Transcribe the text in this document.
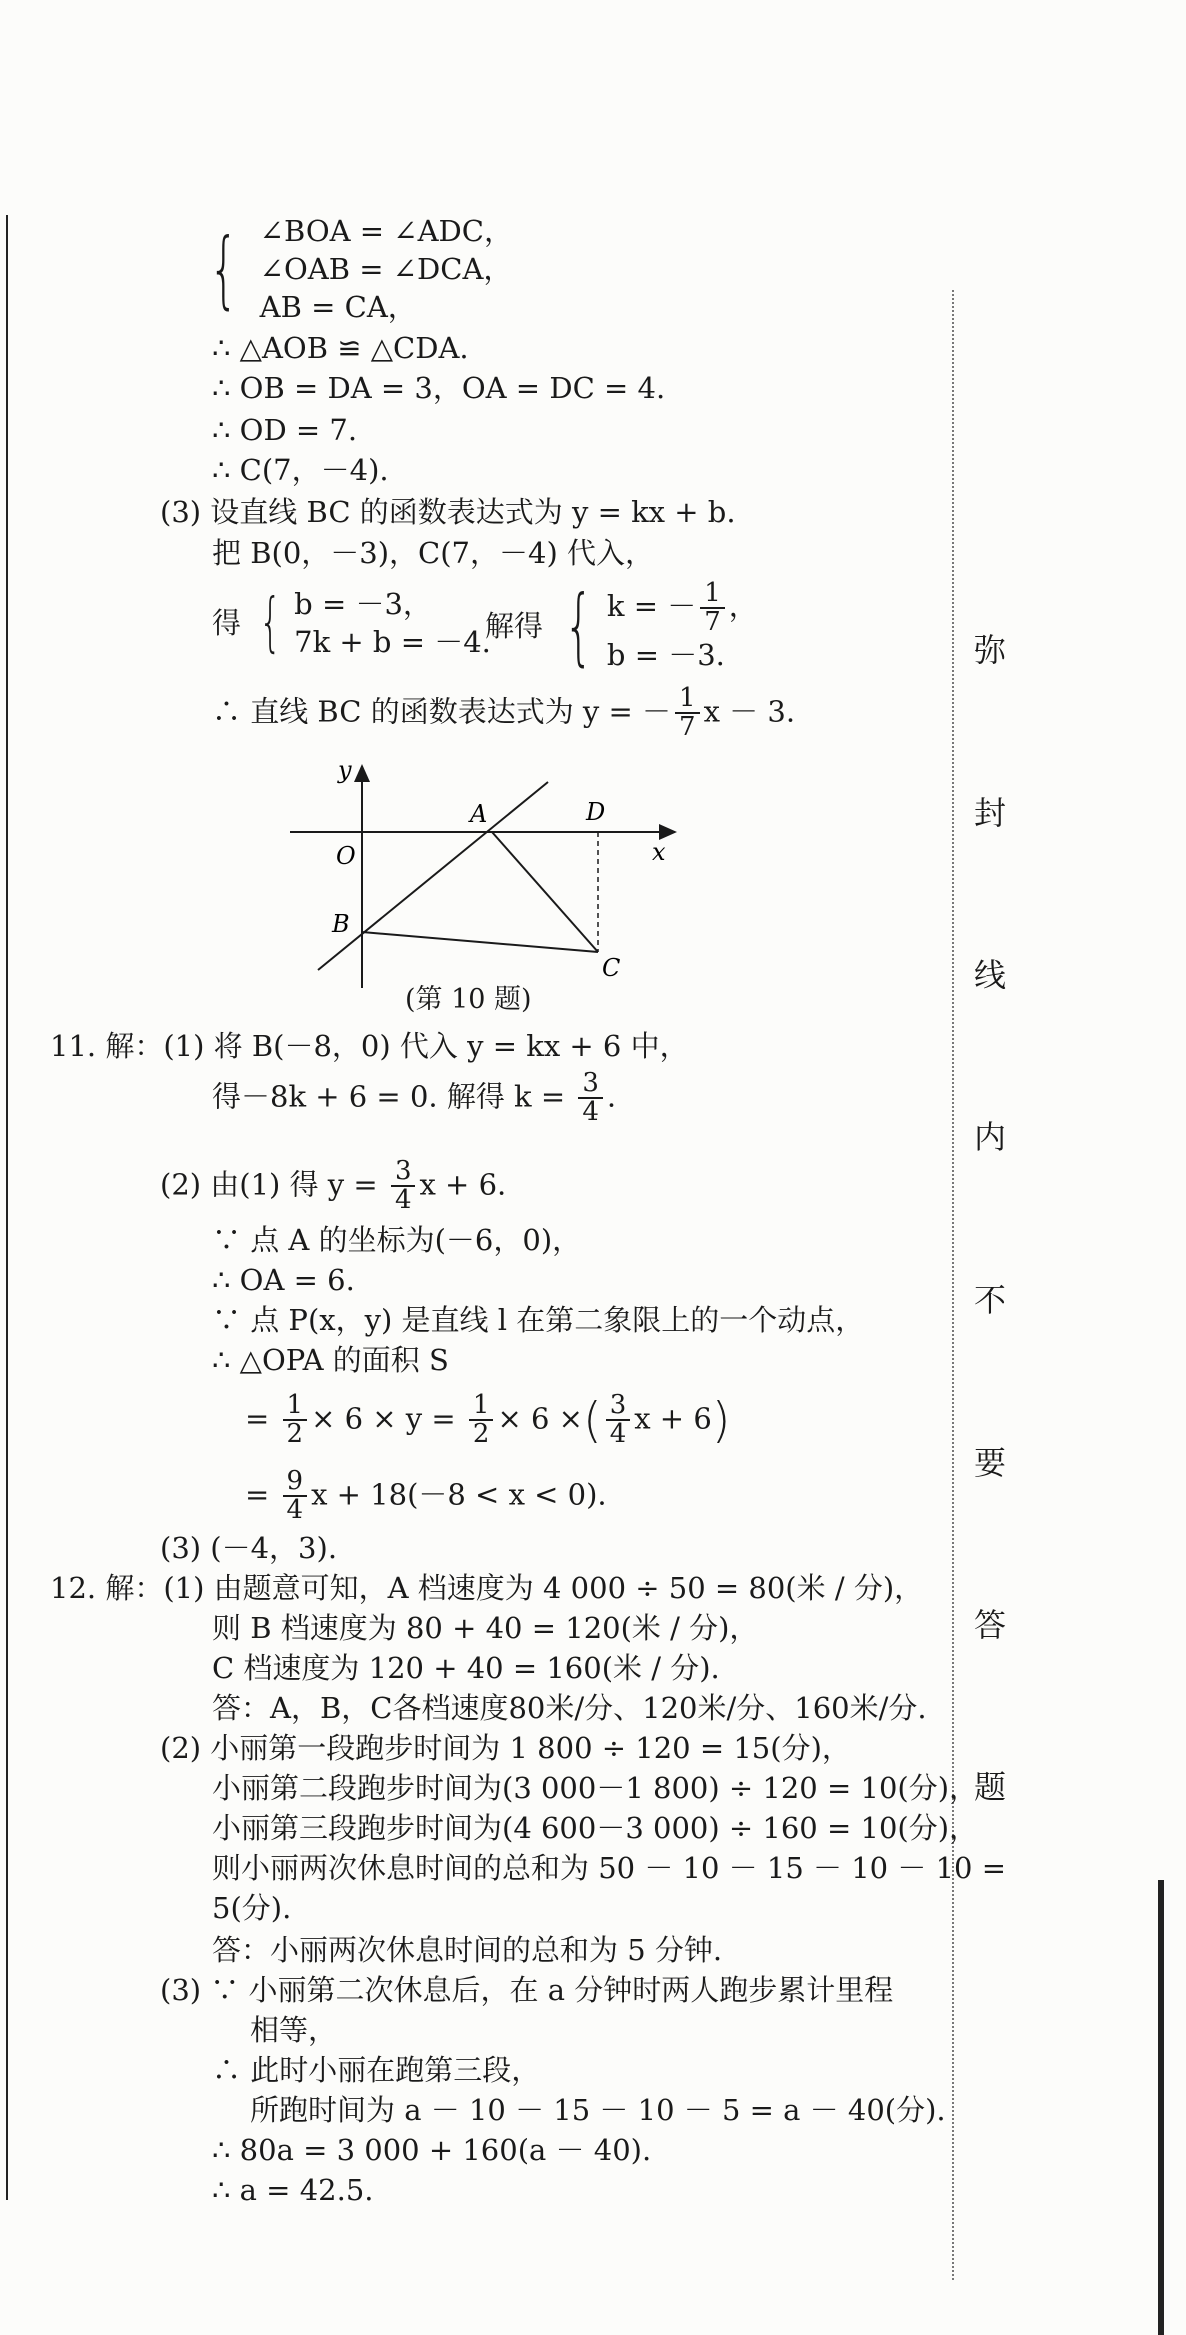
弥
封
线
内
不
要
答
题
{ ∠BOA = ∠ADC，
∠OAB = ∠DCA，
AB = CA，
∴ △AOB ≌ △CDA.
∴ OB = DA = 3，OA = DC = 4.
∴ OD = 7.
∴ C(7，－4).
(3) 设直线 BC 的函数表达式为 y = kx + b.
把 B(0，－3)，C(7，－4) 代入，
得 { b = －3，
7k + b = －4.
解得 { k = － $\frac{1}{7}$ ，
b = －3.
∴ 直线 BC 的函数表达式为 y = － $\frac{1}{7}$ x － 3.
y
x
O
A	D
B
C
(第 10 题)
11. 解：(1) 将 B(－8，0) 代入 y = kx + 6 中，
得－8k + 6 = 0. 解得 $k = \frac{3}{4}$ .
(2) 由(1) 得 $y = \frac{3}{4}$ x + 6.
∵ 点 A 的坐标为(－6，0)，
∴ OA = 6.
∵ 点 P(x，y) 是直线 l 在第二象限上的一个动点，
∴ △OPA 的面积 S
= $\frac{1}{2} \times 6 \times y = \frac{1}{2} \times 6$ ×( $\frac{3}{4}$ x + 6)
= $\frac{9}{4}$ x + 18(－8 < x < 0).
(3) (－4，3).
12. 解：(1) 由题意可知，A 档速度为 4 000 ÷ 50 = 80(米 / 分)，
则 B 档速度为 80 + 40 = 120(米 / 分)，
C 档速度为 120 + 40 = 160(米 / 分).
答：A，B，C各档速度80米/分、120米/分、160米/分.
(2) 小丽第一段跑步时间为 1 800 ÷ 120 = 15(分)，
小丽第二段跑步时间为(3 000－1 800) ÷ 120 = 10(分)，
小丽第三段跑步时间为(4 600－3 000) ÷ 160 = 10(分)，
则小丽两次休息时间的总和为 50 － 10 － 15 － 10 － 10 =
5(分).
答：小丽两次休息时间的总和为 5 分钟.
(3) ∵ 小丽第二次休息后，在 a 分钟时两人跑步累计里程
相等，
∴ 此时小丽在跑第三段，
所跑时间为 a － 10 － 15 － 10 － 5 = a － 40(分).
∴ 80a = 3 000 + 160(a － 40).
∴ a = 42.5.
